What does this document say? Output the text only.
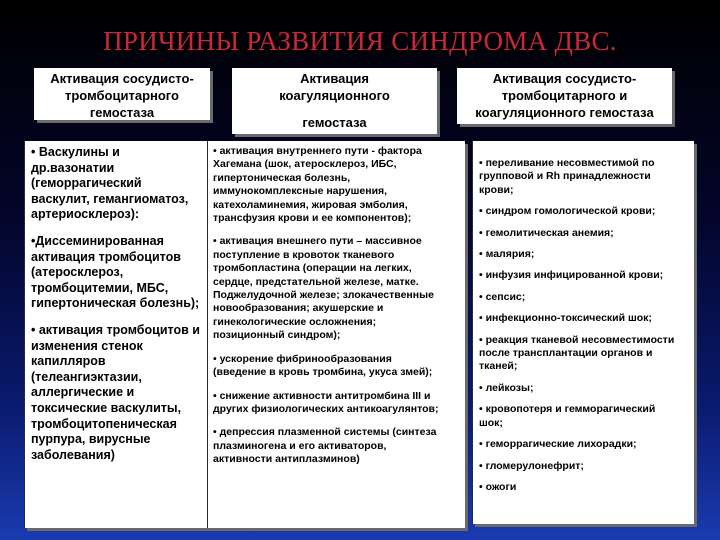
ПРИЧИНЫ РАЗВИТИЯ СИНДРОМА ДВС.
Активация сосудисто-
тромбоцитарного
гемостаза
Активация
коагуляционного
гемостаза
Активация сосудисто-
тромбоцитарного и
коагуляционного гемостаза
• Васкулины и
др.вазонатии
(геморрагический
васкулит, гемангиоматоз,
артериосклероз):
•Диссеминированная
активация тромбоцитов
(атеросклероз,
тромбоцитемии, МБС,
гипертоническая болезнь);
• активация тромбоцитов и
изменения стенок
капилляров
(телеангиэктазии,
аллергические и
токсические васкулиты,
тромбоцитопеническая
пурпура, вирусные
заболевания)
• активация внутреннего пути - фактора
Хагемана (шок, атеросклероз, ИБС,
гипертоническая болезнь,
иммунокомплексные нарушения,
катехоламинемия, жировая эмболия,
трансфузия крови и ее компонентов);
• активация внешнего пути – массивное
поступление в кровоток тканевого
тромбопластина (операции на легких,
сердце, предстательной железе, матке.
Поджелудочной железе; злокачественные
новообразования; акушерские и
гинекологические осложнения;
позиционный синдром);
• ускорение фибринообразования
(введение в кровь тромбина, укуса змей);
• снижение активности антитромбина III и
других физиологических антикоагулянтов;
• депрессия плазменной системы (синтеза
плазминогена и его активаторов,
активности антиплазминов)
• переливание несовместимой по
групповой и Rh принадлежности
крови;
• синдром гомологической крови;
• гемолитическая анемия;
• малярия;
• инфузия инфицированной крови;
• сепсис;
• инфекционно-токсический шок;
• реакция тканевой несовместимости
после трансплантации органов и
тканей;
• лейкозы;
• кровопотеря и гемморагический
шок;
• геморрагические лихорадки;
• гломерулонефрит;
• ожоги
